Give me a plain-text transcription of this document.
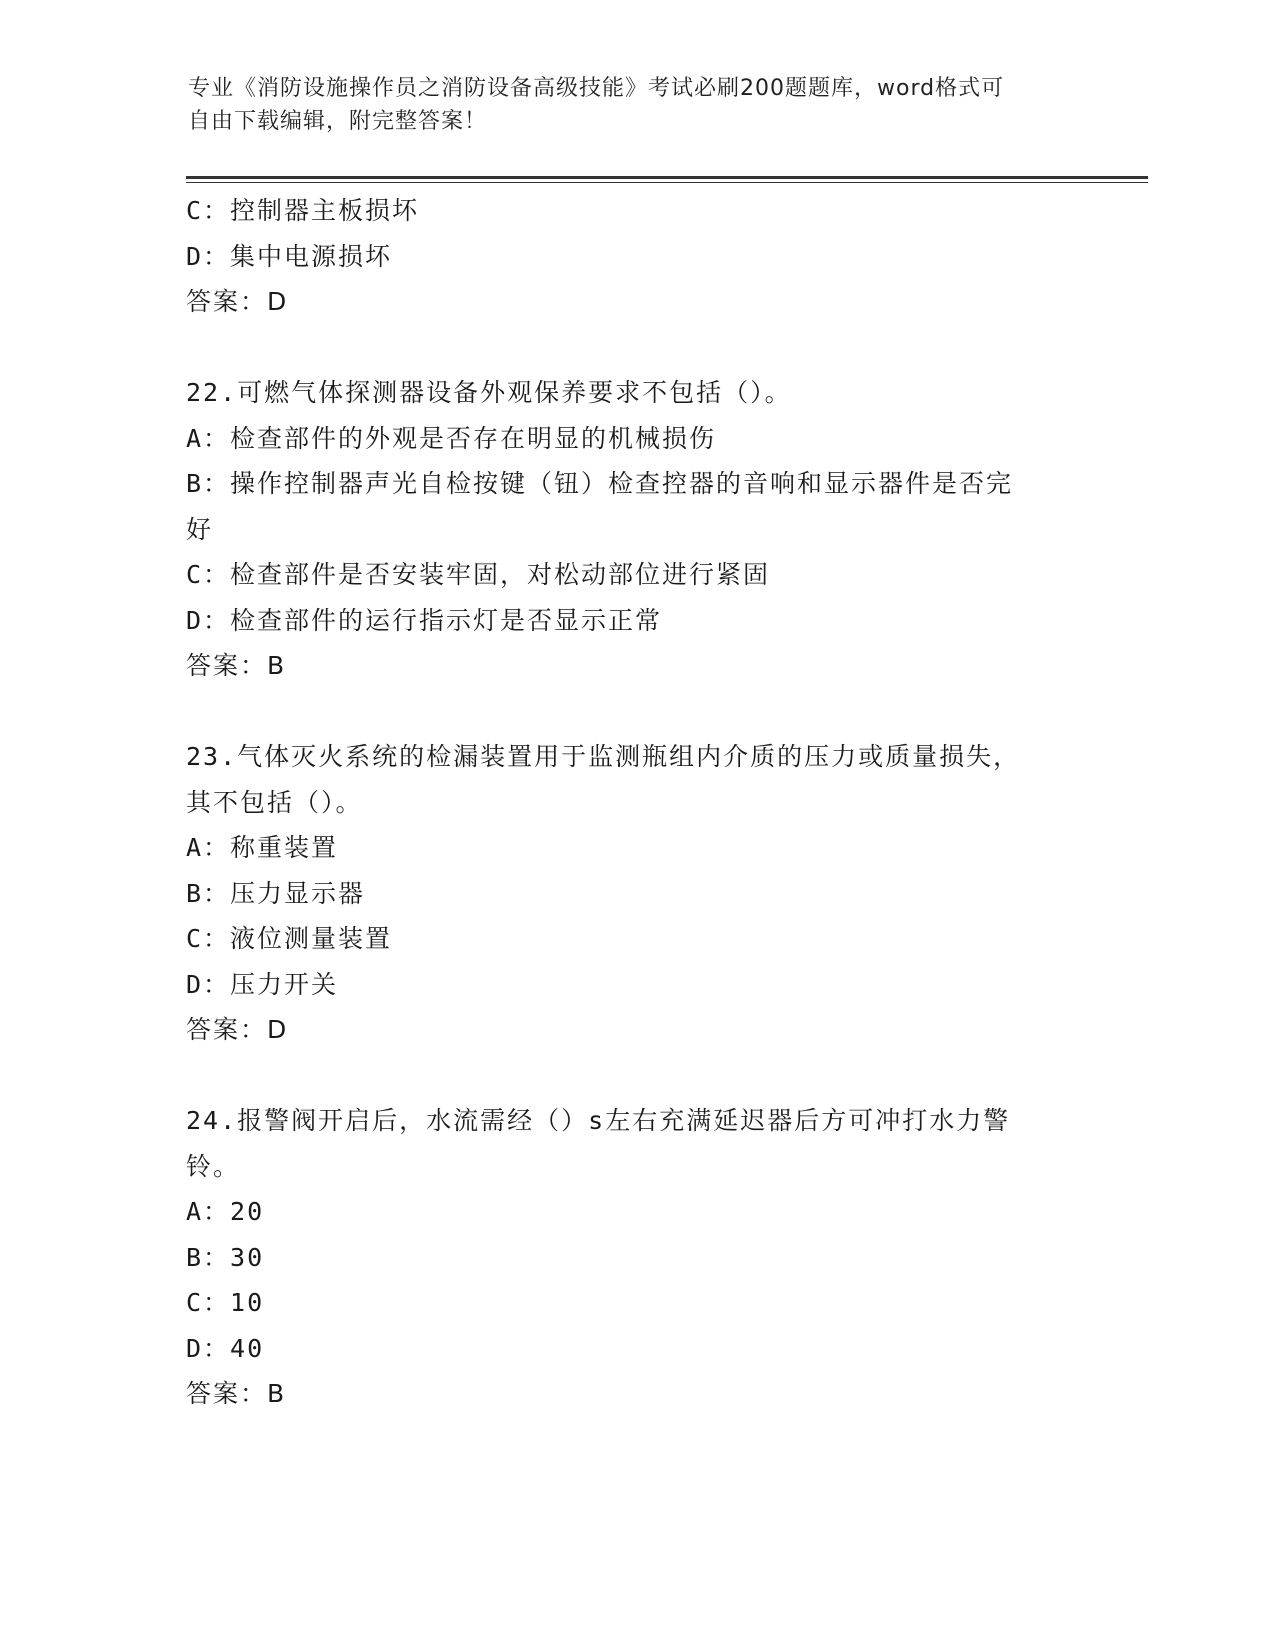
专业《消防设施操作员之消防设备高级技能》考试必刷200题题库，word格式可
自由下载编辑，附完整答案！
C：控制器主板损坏
D：集中电源损坏
答案：D
22.可燃气体探测器设备外观保养要求不包括（）。
A：检查部件的外观是否存在明显的机械损伤
B：操作控制器声光自检按键（钮）检查控器的音响和显示器件是否完
好
C：检查部件是否安装牢固，对松动部位进行紧固
D：检查部件的运行指示灯是否显示正常
答案：B
23.气体灭火系统的检漏装置用于监测瓶组内介质的压力或质量损失，
其不包括（）。
A：称重装置
B：压力显示器
C：液位测量装置
D：压力开关
答案：D
24.报警阀开启后，水流需经（）s左右充满延迟器后方可冲打水力警
铃。
A：20
B：30
C：10
D：40
答案：B
